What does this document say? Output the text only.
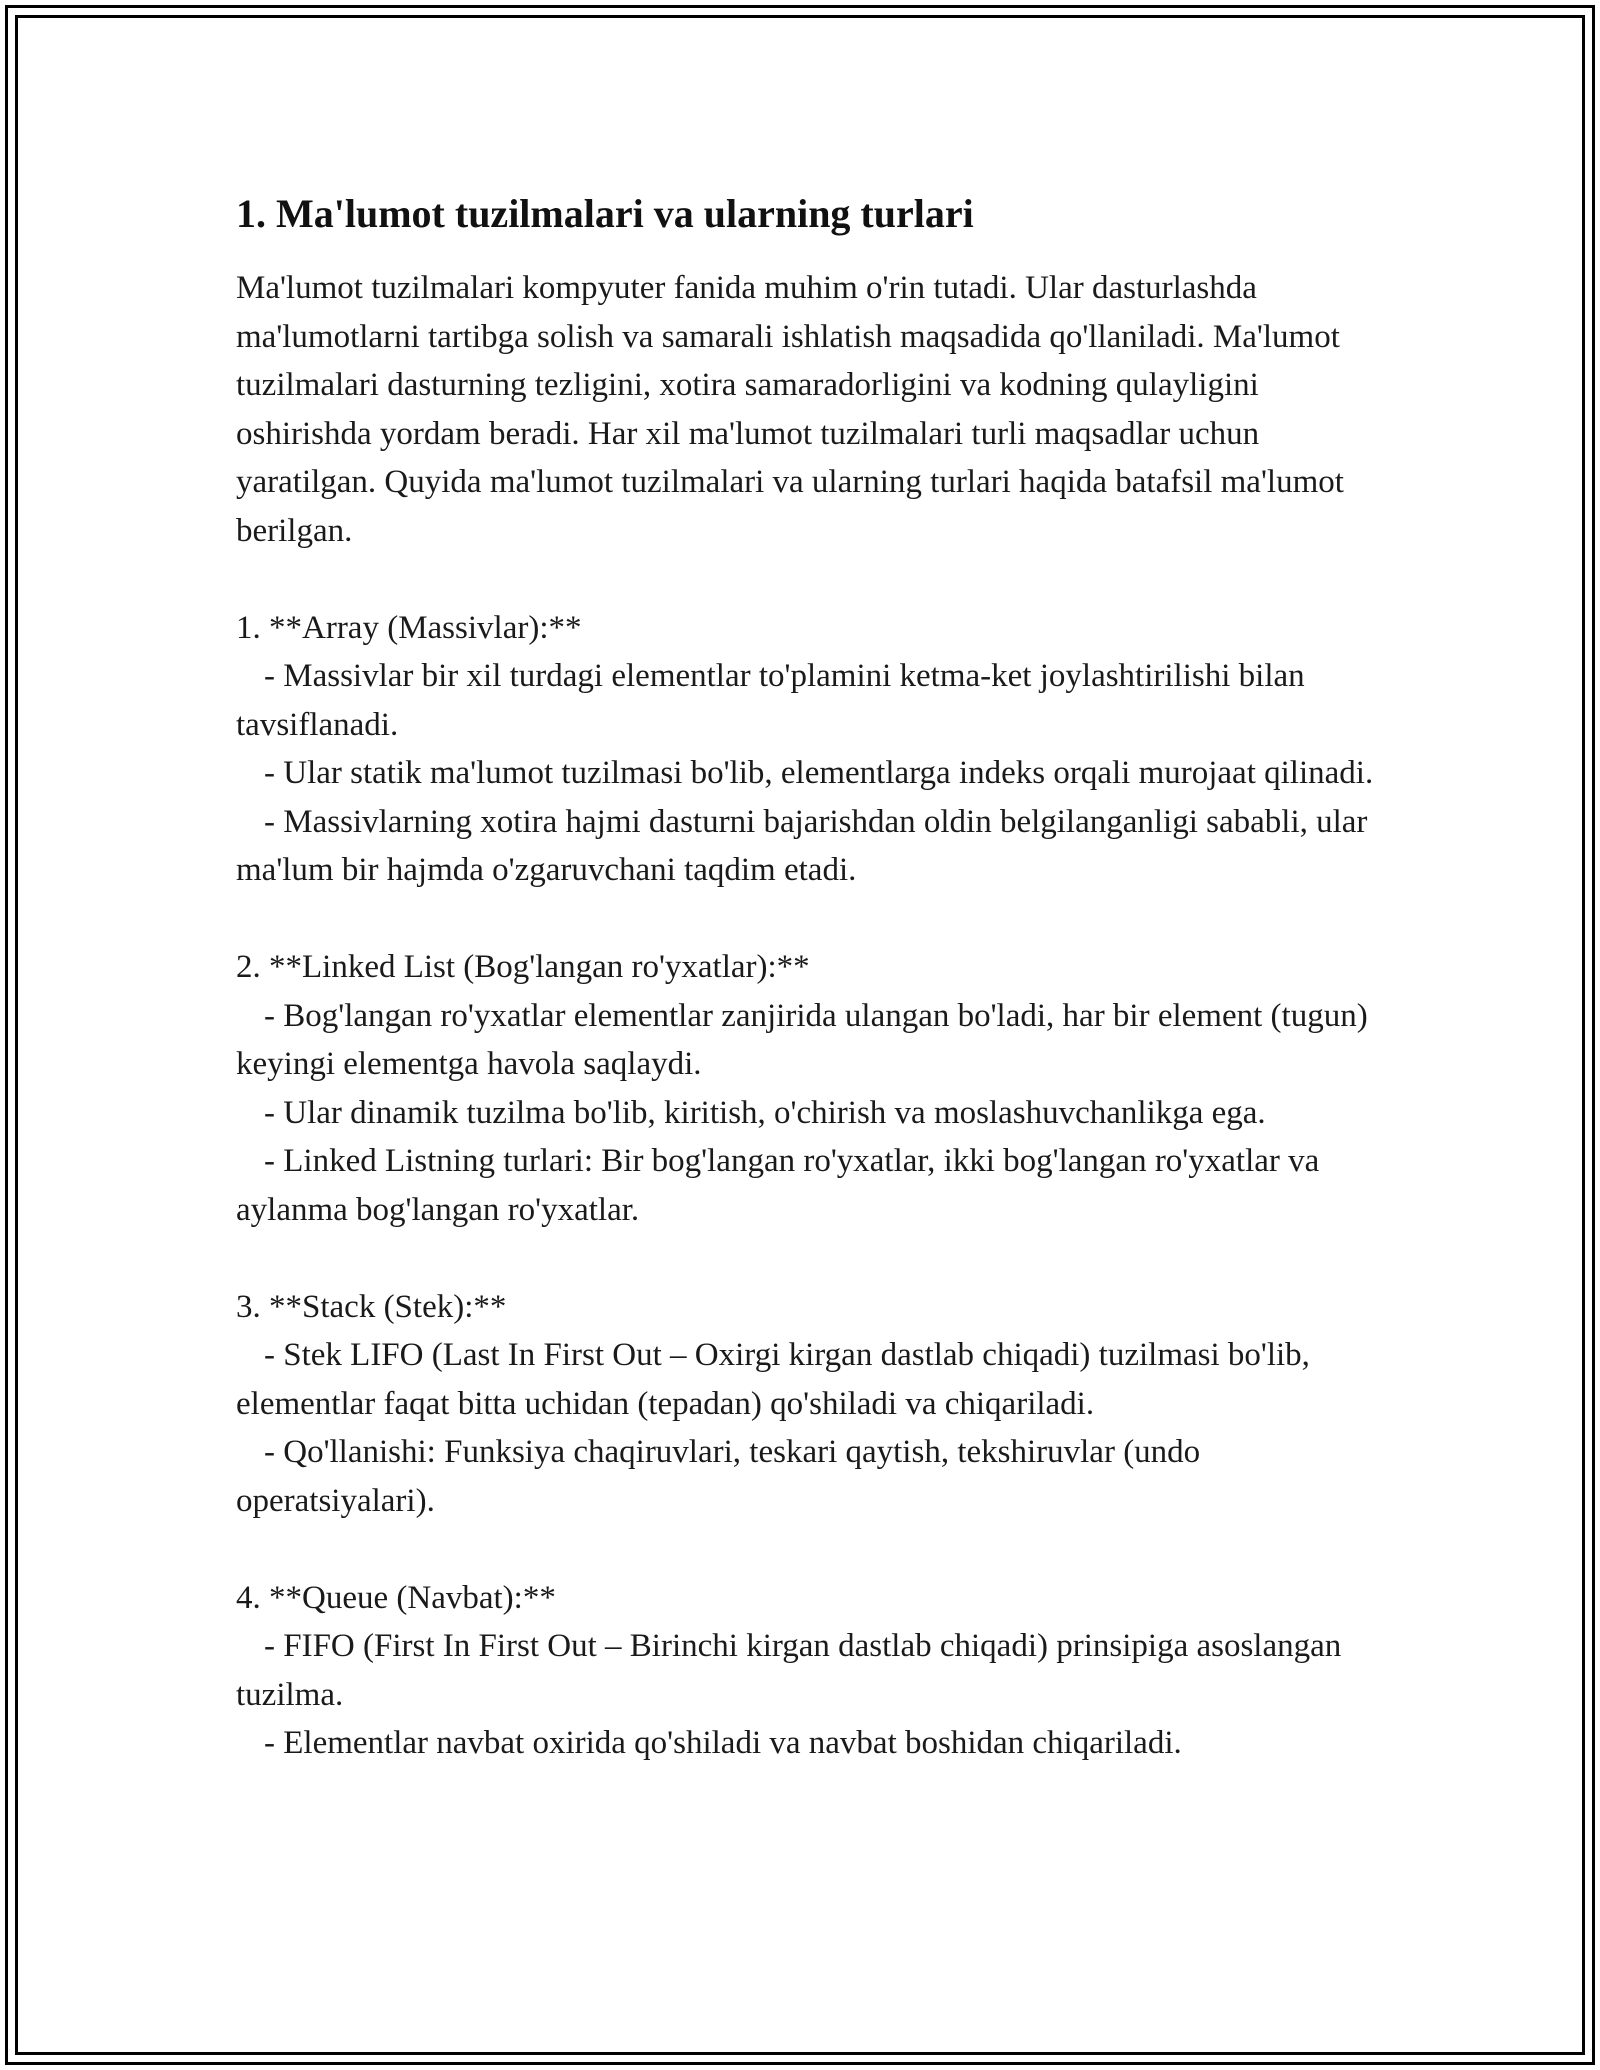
1. Ma'lumot tuzilmalari va ularning turlari

Ma'lumot tuzilmalari kompyuter fanida muhim o'rin tutadi. Ular dasturlashda ma'lumotlarni tartibga solish va samarali ishlatish maqsadida qo'llaniladi. Ma'lumot tuzilmalari dasturning tezligini, xotira samaradorligini va kodning qulayligini oshirishda yordam beradi. Har xil ma'lumot tuzilmalari turli maqsadlar uchun yaratilgan. Quyida ma'lumot tuzilmalari va ularning turlari haqida batafsil ma'lumot berilgan.

1. **Array (Massivlar):**

- Massivlar bir xil turdagi elementlar to'plamini ketma-ket joylashtirilishi bilan tavsiflanadi.

- Ular statik ma'lumot tuzilmasi bo'lib, elementlarga indeks orqali murojaat qilinadi.

- Massivlarning xotira hajmi dasturni bajarishdan oldin belgilanganligi sababli, ular ma'lum bir hajmda o'zgaruvchani taqdim etadi.

2. **Linked List (Bog'langan ro'yxatlar):**

- Bog'langan ro'yxatlar elementlar zanjirida ulangan bo'ladi, har bir element (tugun) keyingi elementga havola saqlaydi.

- Ular dinamik tuzilma bo'lib, kiritish, o'chirish va moslashuvchanlikga ega.

- Linked Listning turlari: Bir bog'langan ro'yxatlar, ikki bog'langan ro'yxatlar va aylanma bog'langan ro'yxatlar.

3. **Stack (Stek):**

- Stek LIFO (Last In First Out – Oxirgi kirgan dastlab chiqadi) tuzilmasi bo'lib, elementlar faqat bitta uchidan (tepadan) qo'shiladi va chiqariladi.

- Qo'llanishi: Funksiya chaqiruvlari, teskari qaytish, tekshiruvlar (undo operatsiyalari).

4. **Queue (Navbat):**

- FIFO (First In First Out – Birinchi kirgan dastlab chiqadi) prinsipiga asoslangan tuzilma.

- Elementlar navbat oxirida qo'shiladi va navbat boshidan chiqariladi.
